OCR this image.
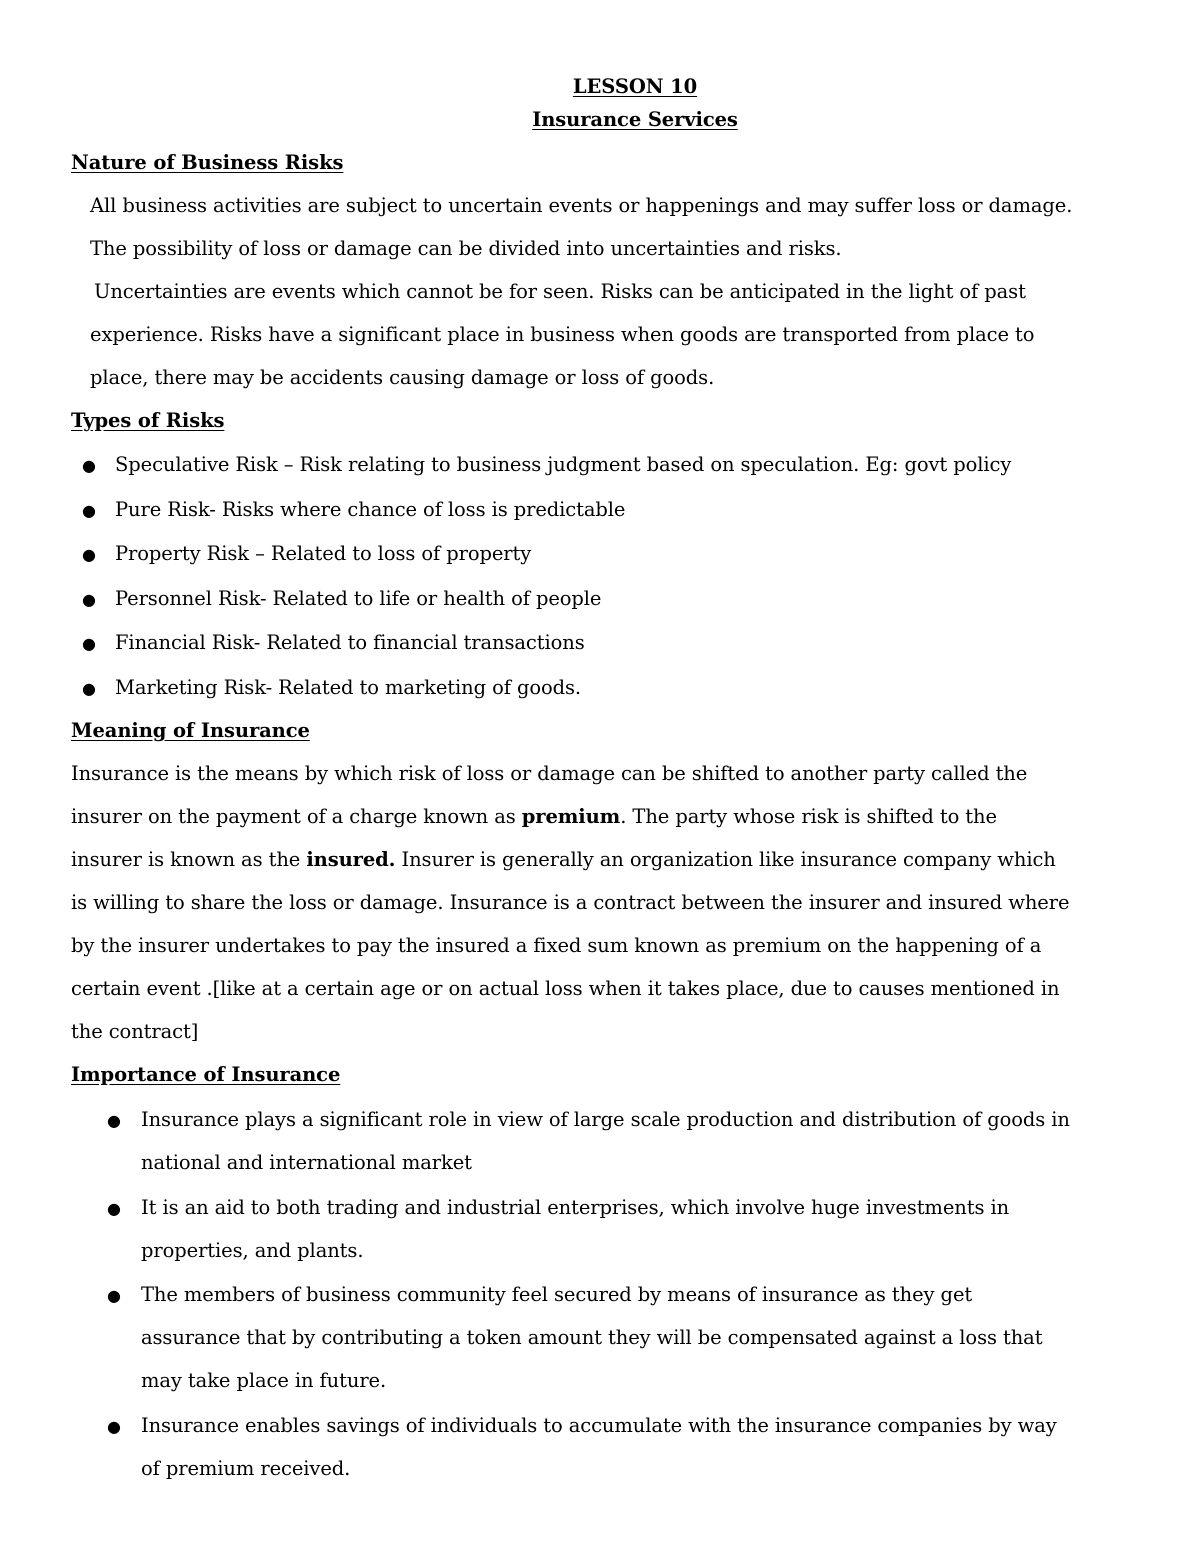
LESSON 10
Insurance Services
Nature of Business Risks
All business activities are subject to uncertain events or happenings and may suffer loss or damage.
The possibility of loss or damage can be divided into uncertainties and risks.
Uncertainties are events which cannot be for seen. Risks can be anticipated in the light of past
experience. Risks have a significant place in business when goods are transported from place to
place, there may be accidents causing damage or loss of goods.
Types of Risks
● Speculative Risk – Risk relating to business judgment based on speculation. Eg: govt policy
● Pure Risk- Risks where chance of loss is predictable
● Property Risk – Related to loss of property
● Personnel Risk- Related to life or health of people
● Financial Risk- Related to financial transactions
● Marketing Risk- Related to marketing of goods.
Meaning of Insurance
Insurance is the means by which risk of loss or damage can be shifted to another party called the
insurer on the payment of a charge known as premium. The party whose risk is shifted to the
insurer is known as the insured. Insurer is generally an organization like insurance company which
is willing to share the loss or damage. Insurance is a contract between the insurer and insured where
by the insurer undertakes to pay the insured a fixed sum known as premium on the happening of a
certain event .[like at a certain age or on actual loss when it takes place, due to causes mentioned in
the contract]
Importance of Insurance
● Insurance plays a significant role in view of large scale production and distribution of goods in
national and international market
● It is an aid to both trading and industrial enterprises, which involve huge investments in
properties, and plants.
● The members of business community feel secured by means of insurance as they get
assurance that by contributing a token amount they will be compensated against a loss that
may take place in future.
● Insurance enables savings of individuals to accumulate with the insurance companies by way
of premium received.
